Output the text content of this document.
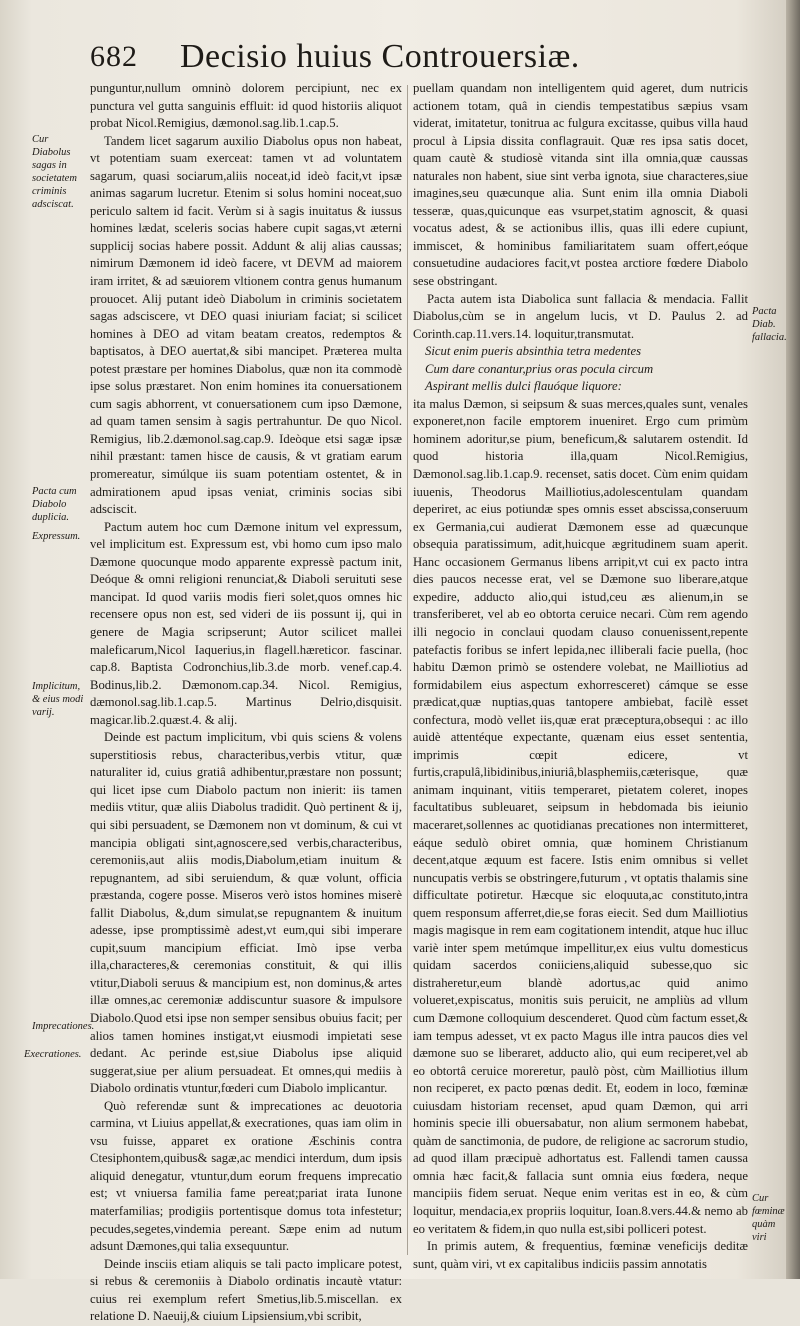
682 Decisio huius Controuersiæ.
Cur Diabolus sagas in societatem criminis adsciscat.
Pacta cum Diabolo duplicia.
Expressum.
Implicitum, & eius modi varij.
Imprecationes.
Execrationes.
Pacta Diab. fallacia.
Cur fœminæ quàm viri

punguntur,nullum omninò dolorem percipiunt, nec ex punctura vel gutta sanguinis effluit: id quod historiis aliquot probat Nicol.Remigius, dæmonol.sag.lib.1.cap.5.

Tandem licet sagarum auxilio Diabolus opus non habeat, vt potentiam suam exerceat: tamen vt ad voluntatem sagarum, quasi sociarum,aliis noceat,id ideò facit,vt ipsæ animas sagarum lucretur. Etenim si solus homini noceat,suo periculo saltem id facit. Verùm si à sagis inuitatus & iussus homines lædat, sceleris socias habere cupit sagas,vt æterni supplicij socias habere possit. Addunt & alij alias caussas; nimirum Dæmonem id ideò facere, vt DEVM ad maiorem iram irritet, & ad sæuiorem vltionem contra genus humanum prouocet. Alij putant ideò Diabolum in criminis societatem sagas adsciscere, vt DEO quasi iniuriam faciat; si scilicet homines à DEO ad vitam beatam creatos, redemptos & baptisatos, à DEO auertat,& sibi mancipet. Præterea multa potest præstare per homines Diabolus, quæ non ita commodè ipse solus præstaret. Non enim homines ita conuersationem cum sagis abhorrent, vt conuersationem cum ipso Dæmone, ad quam tamen sensim à sagis pertrahuntur. De quo Nicol. Remigius, lib.2.dæmonol.sag.cap.9. Ideòque etsi sagæ ipsæ nihil præstant: tamen hisce de causis, & vt gratiam earum promereatur, simúlque iis suam potentiam ostentet, & in admirationem apud ipsas veniat, criminis socias sibi adsciscit.

Pactum autem hoc cum Dæmone initum vel expressum, vel implicitum est. Expressum est, vbi homo cum ipso malo Dæmone quocunque modo apparente expressè pactum init, Deóque & omni religioni renunciat,& Diaboli seruituti sese mancipat. Id quod variis modis fieri solet,quos omnes hic recensere opus non est, sed videri de iis possunt ij, qui in genere de Magia scripserunt; Autor scilicet mallei maleficarum,Nicol Iaquerius,in flagell.hæreticor. fascinar. cap.8. Baptista Codronchius,lib.3.de morb. venef.cap.4. Bodinus,lib.2. Dæmonom.cap.34. Nicol. Remigius, dæmonol.sag.lib.1.cap.5. Martinus Delrio,disquisit. magicar.lib.2.quæst.4. & alij.

Deinde est pactum implicitum, vbi quis sciens & volens superstitiosis rebus, characteribus,verbis vtitur, quæ naturaliter id, cuius gratiâ adhibentur,præstare non possunt; qui licet ipse cum Diabolo pactum non inierit: iis tamen mediis vtitur, quæ aliis Diabolus tradidit. Quò pertinent & ij, qui sibi persuadent, se Dæmonem non vt dominum, & cui vt mancipia obligati sint,agnoscere,sed verbis,characteribus, ceremoniis,aut aliis modis,Diabolum,etiam inuitum & repugnantem, ad sibi seruiendum, & quæ volunt, officia præstanda, cogere posse. Miseros verò istos homines miserè fallit Diabolus, &,dum simulat,se repugnantem & inuitum adesse, ipse promptissimè adest,vt eum,qui sibi imperare cupit,suum mancipium efficiat. Imò ipse verba illa,characteres,& ceremonias constituit, & qui illis vtitur,Diaboli seruus & mancipium est, non dominus,& artes illæ omnes,ac ceremoniæ addiscuntur suasore & impulsore Diabolo.Quod etsi ipse non semper sensibus obuius facit; per alios tamen homines instigat,vt eiusmodi impietati sese dedant. Ac perinde est,siue Diabolus ipse aliquid suggerat,siue per alium persuadeat. Et omnes,qui mediis à Diabolo ordinatis vtuntur,fœderi cum Diabolo implicantur.

Quò referendæ sunt & imprecationes ac deuotoria carmina, vt Liuius appellat,& execrationes, quas iam olim in vsu fuisse, apparet ex oratione Æschinis contra Ctesiphontem,quibus& sagæ,ac mendici interdum, dum ipsis aliquid denegatur, vtuntur,dum eorum frequens imprecatio est; vt vniuersa familia fame pereat;pariat irata Iunone materfamilias; prodigiis portentisque domus tota infestetur; pecudes,segetes,vindemia pereant. Sæpe enim ad nutum adsunt Dæmones,qui talia exsequuntur.

Deinde insciis etiam aliquis se tali pacto implicare potest, si rebus & ceremoniis à Diabolo ordinatis incautè vtatur: cuius rei exemplum refert Smetius,lib.5.miscellan. ex relatione D. Naeuij,& ciuium Lipsiensium,vbi scribit,

puellam quandam non intelligentem quid ageret, dum nutricis actionem totam, quâ in ciendis tempestatibus sæpius vsam viderat, imitatetur, tonitrua ac fulgura excitasse, quibus villa haud procul à Lipsia dissita conflagrauit. Quæ res ipsa satis docet, quam cautè & studiosè vitanda sint illa omnia,quæ caussas naturales non habent, siue sint verba ignota, siue characteres,siue imagines,seu quæcunque alia. Sunt enim illa omnia Diaboli tesseræ, quas,quicunque eas vsurpet,statim agnoscit, & quasi vocatus adest, & se actionibus illis, quas illi edere cupiunt, immiscet, & hominibus familiaritatem suam offert,eóque consuetudine audaciores facit,vt postea arctiore fœdere Diabolo sese obstringant.

Pacta autem ista Diabolica sunt fallacia & mendacia. Fallit Diabolus,cùm se in angelum lucis, vt D. Paulus 2. ad Corinth.cap.11.vers.14. loquitur,transmutat.

Sicut enim pueris absinthia tetra medentes

Cum dare conantur,prius oras pocula circum

Aspirant mellis dulci flauóque liquore:

ita malus Dæmon, si seipsum & suas merces,quales sunt, venales exponeret,non facile emptorem inueniret. Ergo cum primùm hominem adoritur,se pium, beneficum,& salutarem ostendit. Id quod historia illa,quam Nicol.Remigius, Dæmonol.sag.lib.1.cap.9. recenset, satis docet. Cùm enim quidam iuuenis, Theodorus Mailliotius,adolescentulam quandam deperiret, ac eius potiundæ spes omnis esset abscissa,conseruum ex Germania,cui audierat Dæmonem esse ad quæcunque obsequia paratissimum, adit,huicque ægritudinem suam aperit. Hanc occasionem Germanus libens arripit,vt cui ex pacto intra dies paucos necesse erat, vel se Dæmone suo liberare,atque expedire, adducto alio,qui istud,ceu æs alienum,in se transferiberet, vel ab eo obtorta ceruice necari. Cùm rem agendo illi negocio in conclaui quodam clauso conuenissent,repente patefactis foribus se infert lepida,nec illiberali facie puella, (hoc habitu Dæmon primò se ostendere volebat, ne Mailliotius ad formidabilem eius aspectum exhorresceret) cámque se esse prædicat,quæ nuptias,quas tantopere ambiebat, facilè esset confectura, modò vellet iis,quæ erat præceptura,obsequi : ac illo auidè attentéque expectante, quænam eius esset sententia, imprimis cœpit edicere, vt furtis,crapulâ,libidinibus,iniuriâ,blasphemiis,cæterisque, quæ animam inquinant, vitiis temperaret, pietatem coleret, inopes facultatibus subleuaret, seipsum in hebdomada bis ieiunio maceraret,sollennes ac quotidianas precationes non intermitteret, eáque sedulò obiret omnia, quæ hominem Christianum decent,atque æquum est facere. Istis enim omnibus si vellet nuncupatis verbis se obstringere,futurum , vt optatis thalamis sine difficultate potiretur. Hæcque sic eloquuta,ac constituto,intra quem responsum afferret,die,se foras eiecit. Sed dum Mailliotius magis magisque in rem eam cogitationem intendit, atque huc illuc variè inter spem metúmque impellitur,ex eius vultu domesticus quidam sacerdos coniiciens,aliquid subesse,quo sic distraheretur,eum blandè adortus,ac quid animo volueret,expiscatus, monitis suis peruicit, ne ampliùs ad vllum cum Dæmone colloquium descenderet. Quod cùm factum esset,& iam tempus adesset, vt ex pacto Magus ille intra paucos dies vel dæmone suo se liberaret, adducto alio, qui eum reciperet,vel ab eo obtortâ ceruice moreretur, paulò pòst, cùm Mailliotius illum non reciperet, ex pacto pœnas dedit. Et, eodem in loco, fœminæ cuiusdam historiam recenset, apud quam Dæmon, qui arri hominis specie illi obuersabatur, non alium sermonem habebat, quàm de sanctimonia, de pudore, de religione ac sacrorum studio, ad quod illam præcipuè adhortatus est. Fallendi tamen caussa omnia hæc facit,& fallacia sunt omnia eius fœdera, neque mancipiis fidem seruat. Neque enim veritas est in eo, & cùm loquitur, mendacia,ex propriis loquitur, Ioan.8.vers.44.& nemo ab eo veritatem & fidem,in quo nulla est,sibi polliceri potest.

In primis autem, & frequentius, fœminæ veneficijs deditæ sunt, quàm viri, vt ex capitalibus indiciis passim annotatis
